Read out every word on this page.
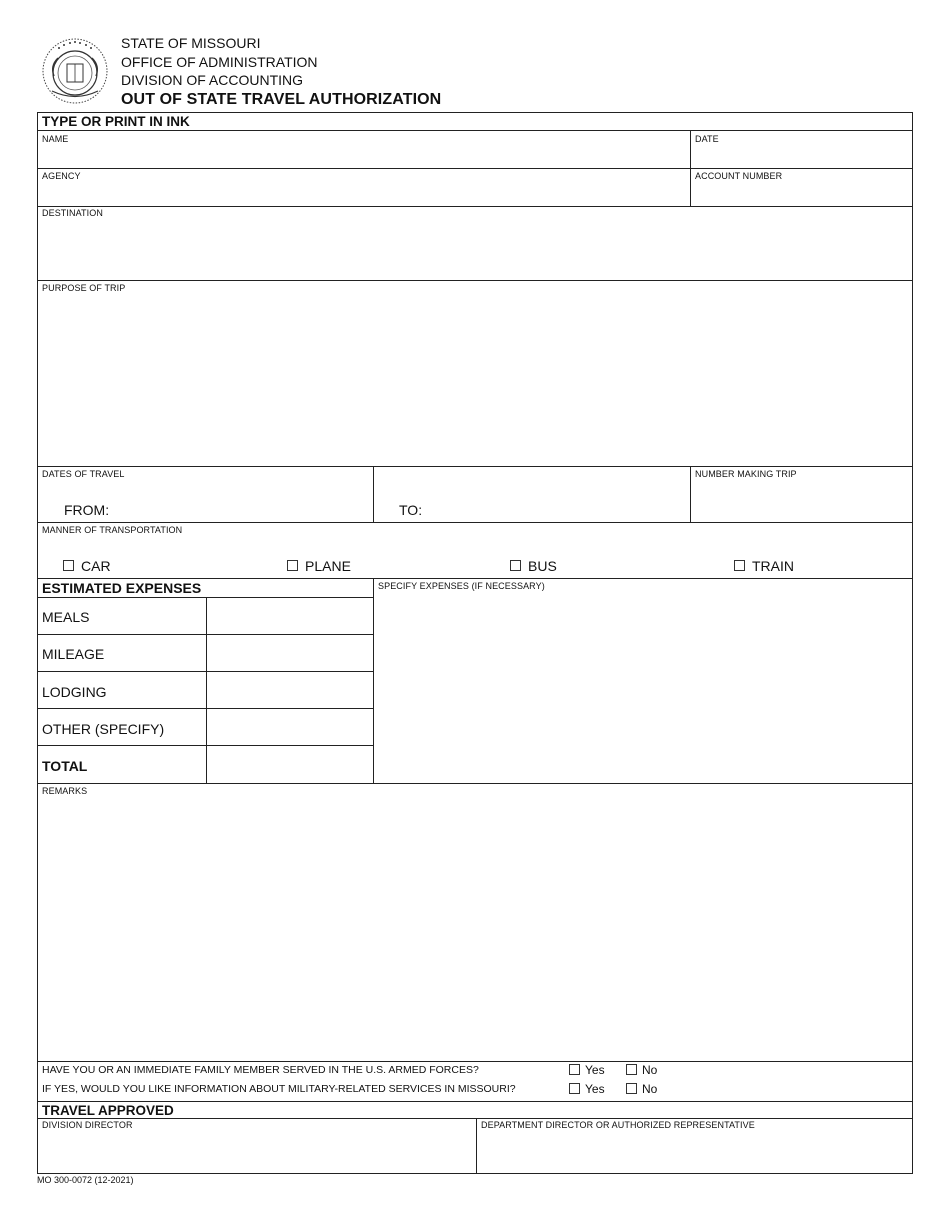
STATE OF MISSOURI
OFFICE OF ADMINISTRATION
DIVISION OF ACCOUNTING
OUT OF STATE TRAVEL AUTHORIZATION
TYPE OR PRINT IN INK
NAME	DATE
AGENCY	ACCOUNT NUMBER
DESTINATION
PURPOSE OF TRIP
DATES OF TRAVEL
FROM:	TO:
NUMBER MAKING TRIP
MANNER OF TRANSPORTATION
CAR	PLANE	BUS	TRAIN
ESTIMATED EXPENSES	SPECIFY EXPENSES (IF NECESSARY)
MEALS
MILEAGE
LODGING
OTHER (SPECIFY)
TOTAL
REMARKS
HAVE YOU OR AN IMMEDIATE FAMILY MEMBER SERVED IN THE U.S. ARMED FORCES?	Yes	No
IF YES, WOULD YOU LIKE INFORMATION ABOUT MILITARY-RELATED SERVICES IN MISSOURI?	Yes	No
TRAVEL APPROVED
DIVISION DIRECTOR	DEPARTMENT DIRECTOR OR AUTHORIZED REPRESENTATIVE
MO 300-0072 (12-2021)
